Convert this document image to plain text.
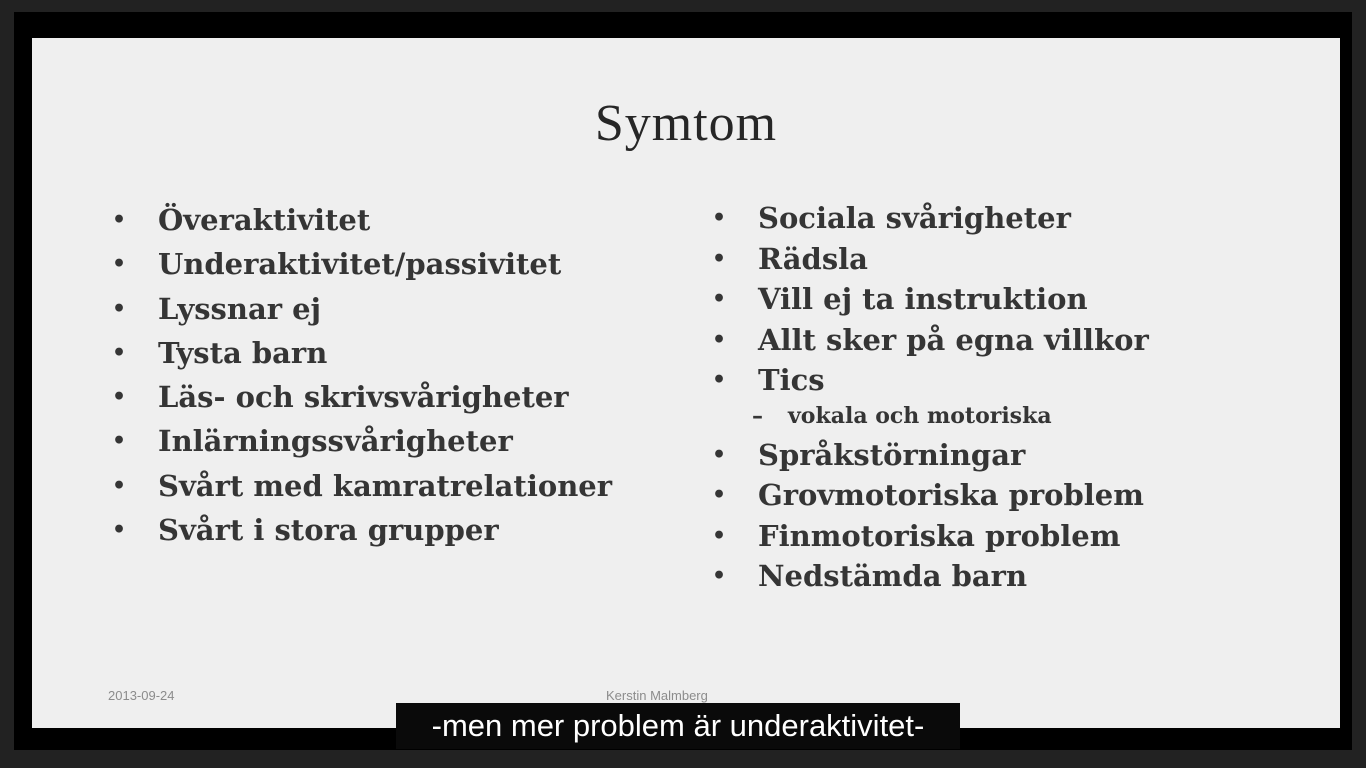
Symtom
• Överaktivitet
• Underaktivitet/passivitet
• Lyssnar ej
• Tysta barn
• Läs- och skrivsvårigheter
• Inlärningssvårigheter
• Svårt med kamratrelationer
• Svårt i stora grupper
• Sociala svårigheter
• Rädsla
• Vill ej ta instruktion
• Allt sker på egna villkor
• Tics
– vokala och motoriska
• Språkstörningar
• Grovmotoriska problem
• Finmotoriska problem
• Nedstämda barn
2013-09-24	Kerstin Malmberg
-men mer problem är underaktivitet-
